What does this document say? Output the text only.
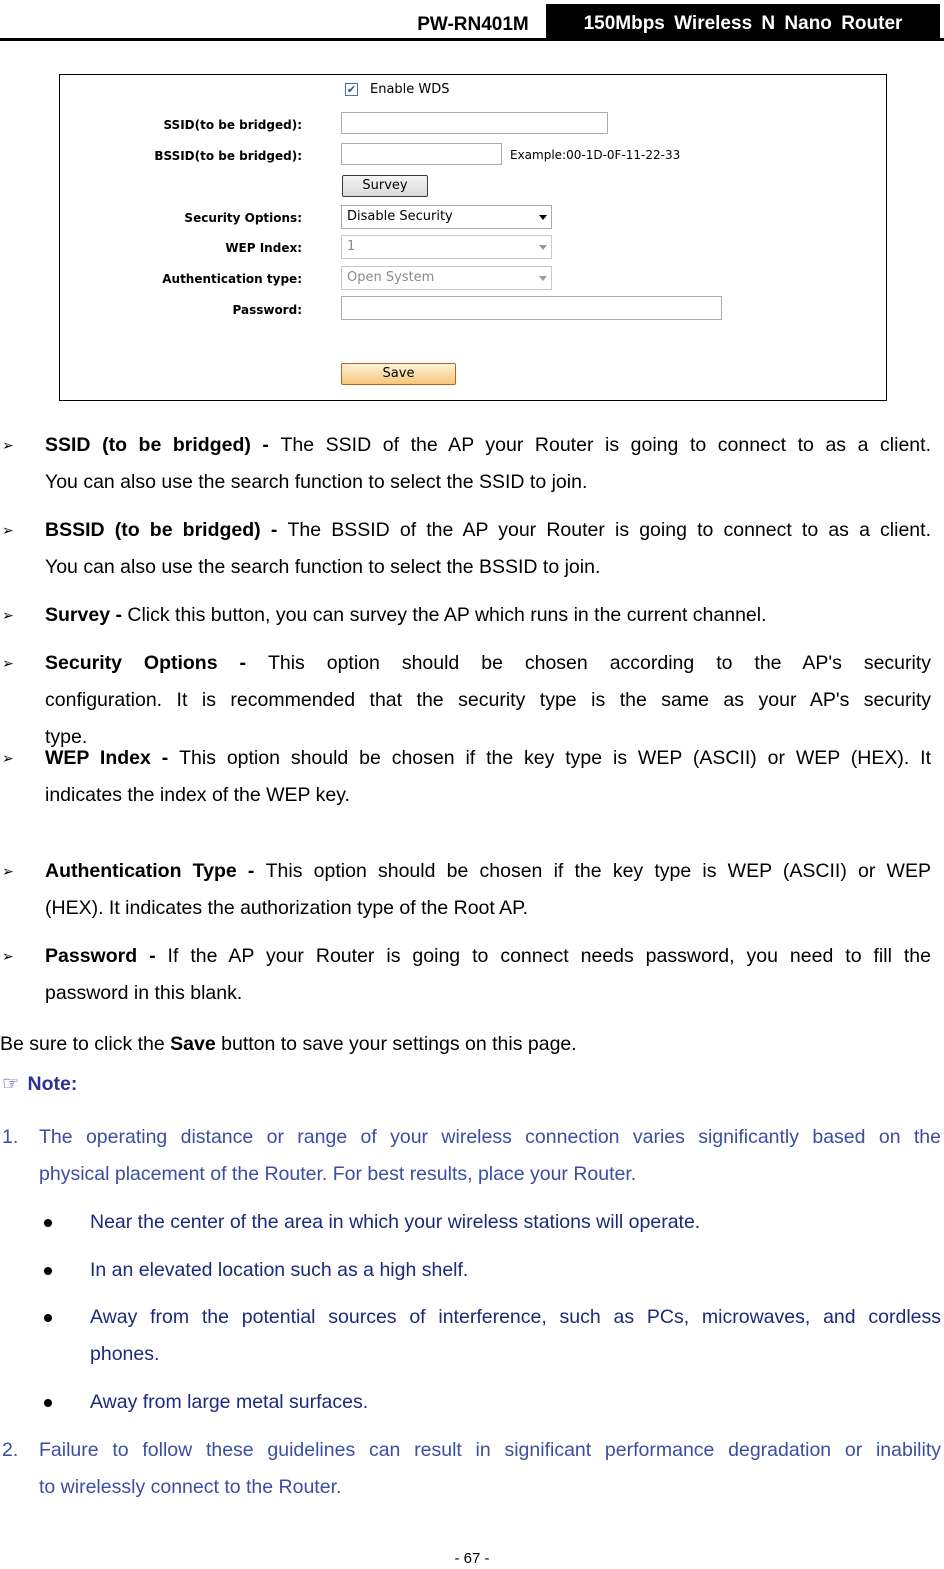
PW-RN401M	150Mbps Wireless N Nano Router
✔ Enable WDS
SSID(to be bridged):
BSSID(to be bridged):	Example:00-1D-0F-11-22-33
Survey
Security Options:	Disable Security
WEP Index:	1
Authentication type:	Open System
Password:
Save
➢ SSID (to be bridged) - The SSID of the AP your Router is going to connect to as a client.
You can also use the search function to select the SSID to join.
➢ BSSID (to be bridged) - The BSSID of the AP your Router is going to connect to as a client.
You can also use the search function to select the BSSID to join.
➢ Survey - Click this button, you can survey the AP which runs in the current channel.
➢ Security Options - This option should be chosen according to the AP's security
configuration. It is recommended that the security type is the same as your AP's security
type.
➢ WEP Index - This option should be chosen if the key type is WEP (ASCII) or WEP (HEX). It
indicates the index of the WEP key.
➢ Authentication Type - This option should be chosen if the key type is WEP (ASCII) or WEP
(HEX). It indicates the authorization type of the Root AP.
➢ Password - If the AP your Router is going to connect needs password, you need to fill the
password in this blank.
Be sure to click the Save button to save your settings on this page.
☞ Note:
1. The operating distance or range of your wireless connection varies significantly based on the
physical placement of the Router. For best results, place your Router.
Near the center of the area in which your wireless stations will operate.
In an elevated location such as a high shelf.
Away from the potential sources of interference, such as PCs, microwaves, and cordless
phones.
Away from large metal surfaces.
2. Failure to follow these guidelines can result in significant performance degradation or inability
to wirelessly connect to the Router.
- 67 -
